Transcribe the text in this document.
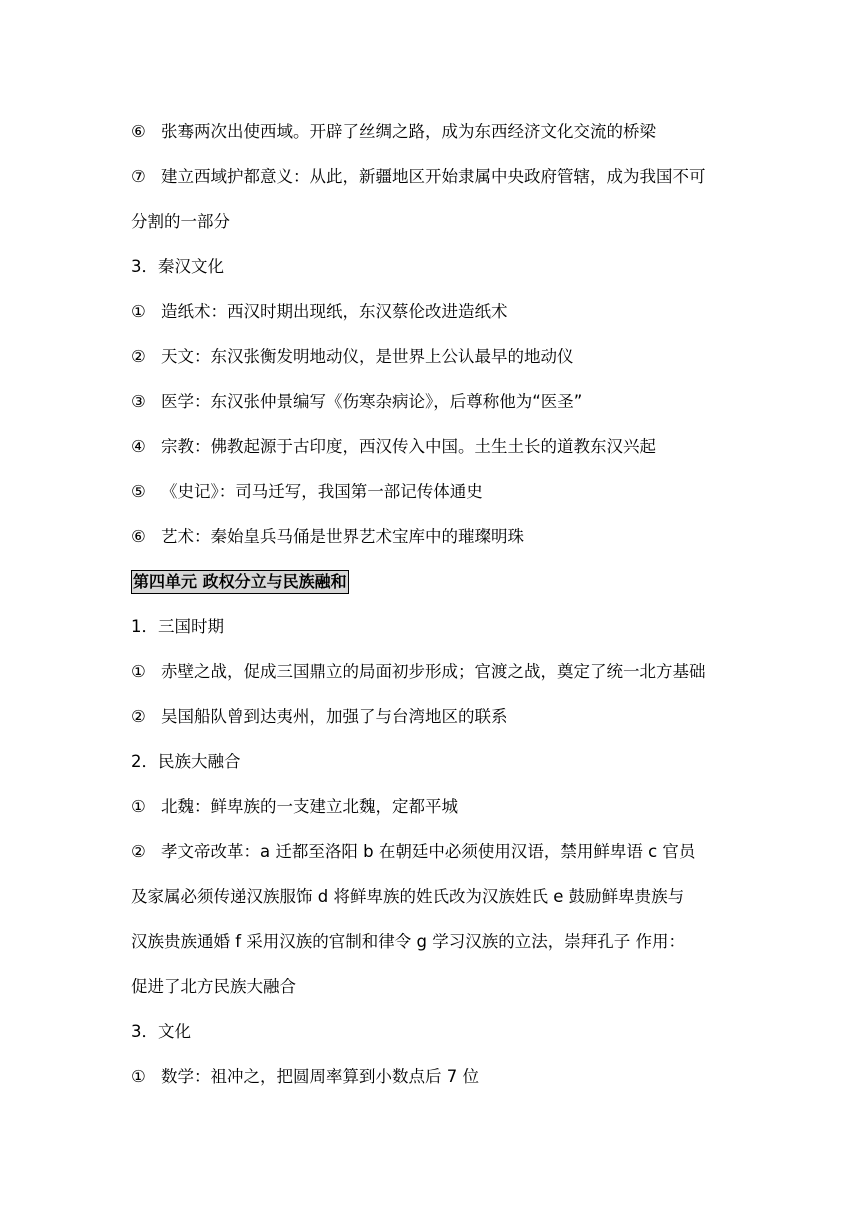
⑥ 张骞两次出使西域。开辟了丝绸之路，成为东西经济文化交流的桥梁
⑦ 建立西域护都意义：从此，新疆地区开始隶属中央政府管辖，成为我国不可
分割的一部分
3．秦汉文化
① 造纸术：西汉时期出现纸，东汉蔡伦改进造纸术
② 天文：东汉张衡发明地动仪，是世界上公认最早的地动仪
③ 医学：东汉张仲景编写《伤寒杂病论》，后尊称他为“医圣”
④ 宗教：佛教起源于古印度，西汉传入中国。土生土长的道教东汉兴起
⑤ 《史记》：司马迁写，我国第一部记传体通史
⑥ 艺术：秦始皇兵马俑是世界艺术宝库中的璀璨明珠
第四单元 政权分立与民族融和
1．三国时期
① 赤壁之战，促成三国鼎立的局面初步形成；官渡之战，奠定了统一北方基础
② 吴国船队曾到达夷州，加强了与台湾地区的联系
2．民族大融合
① 北魏：鲜卑族的一支建立北魏，定都平城
② 孝文帝改革：a 迁都至洛阳 b 在朝廷中必须使用汉语，禁用鲜卑语 c 官员
及家属必须传递汉族服饰 d 将鲜卑族的姓氏改为汉族姓氏 e 鼓励鲜卑贵族与
汉族贵族通婚 f 采用汉族的官制和律令 g 学习汉族的立法，崇拜孔子 作用：
促进了北方民族大融合
3．文化
① 数学：祖冲之，把圆周率算到小数点后 7 位
